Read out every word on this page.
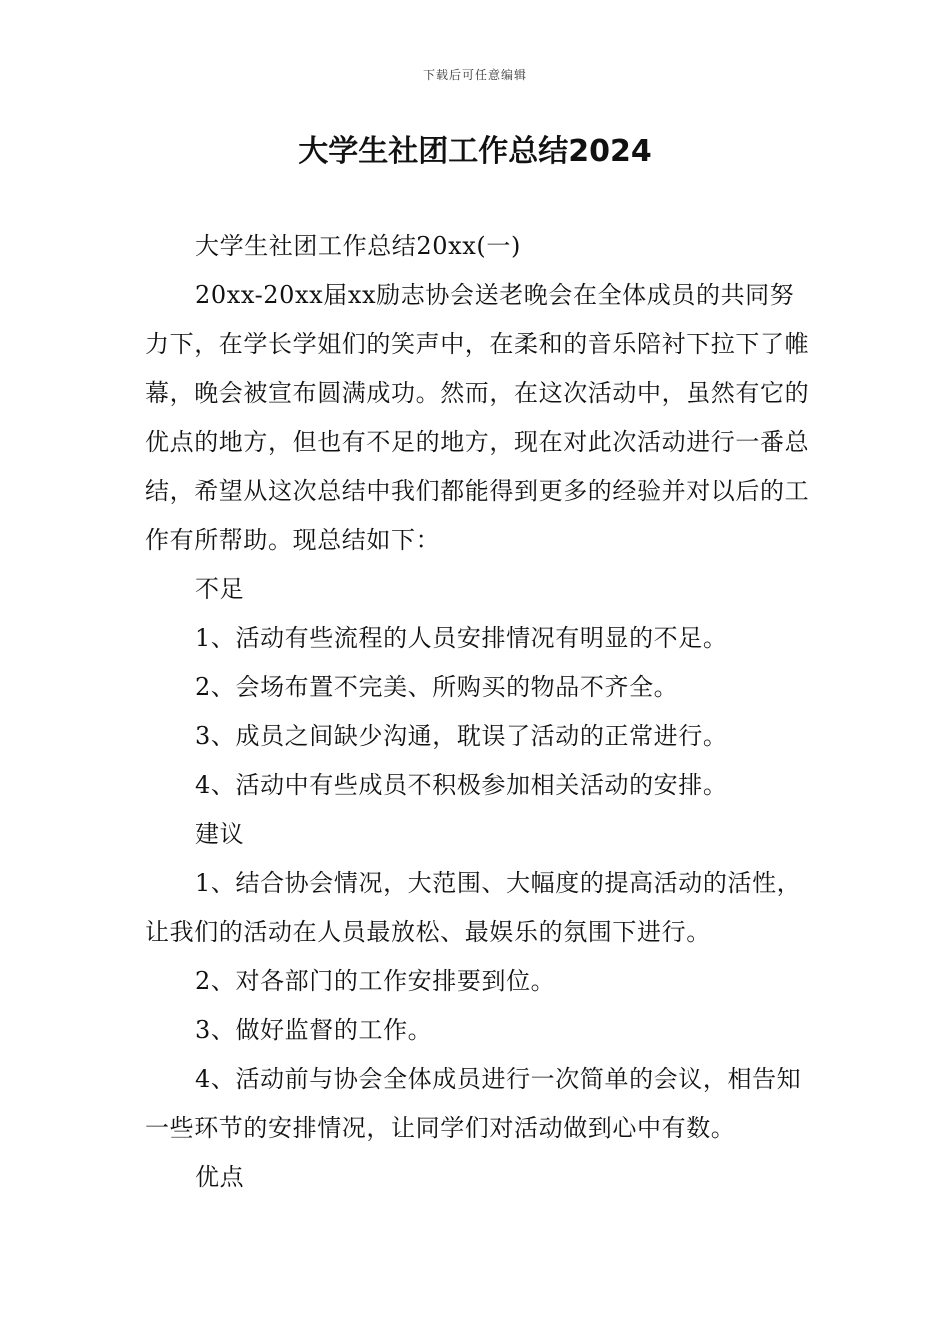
下载后可任意编辑
大学生社团工作总结2024

大学生社团工作总结20xx(一)

20xx-20xx届xx励志协会送老晚会在全体成员的共同努力下，在学长学姐们的笑声中，在柔和的音乐陪衬下拉下了帷幕，晚会被宣布圆满成功。然而，在这次活动中，虽然有它的优点的地方，但也有不足的地方，现在对此次活动进行一番总结，希望从这次总结中我们都能得到更多的经验并对以后的工作有所帮助。现总结如下：

不足

1、活动有些流程的人员安排情况有明显的不足。

2、会场布置不完美、所购买的物品不齐全。

3、成员之间缺少沟通，耽误了活动的正常进行。

4、活动中有些成员不积极参加相关活动的安排。

建议

1、结合协会情况，大范围、大幅度的提高活动的活性，让我们的活动在人员最放松、最娱乐的氛围下进行。

2、对各部门的工作安排要到位。

3、做好监督的工作。

4、活动前与协会全体成员进行一次简单的会议，相告知一些环节的安排情况，让同学们对活动做到心中有数。

优点
